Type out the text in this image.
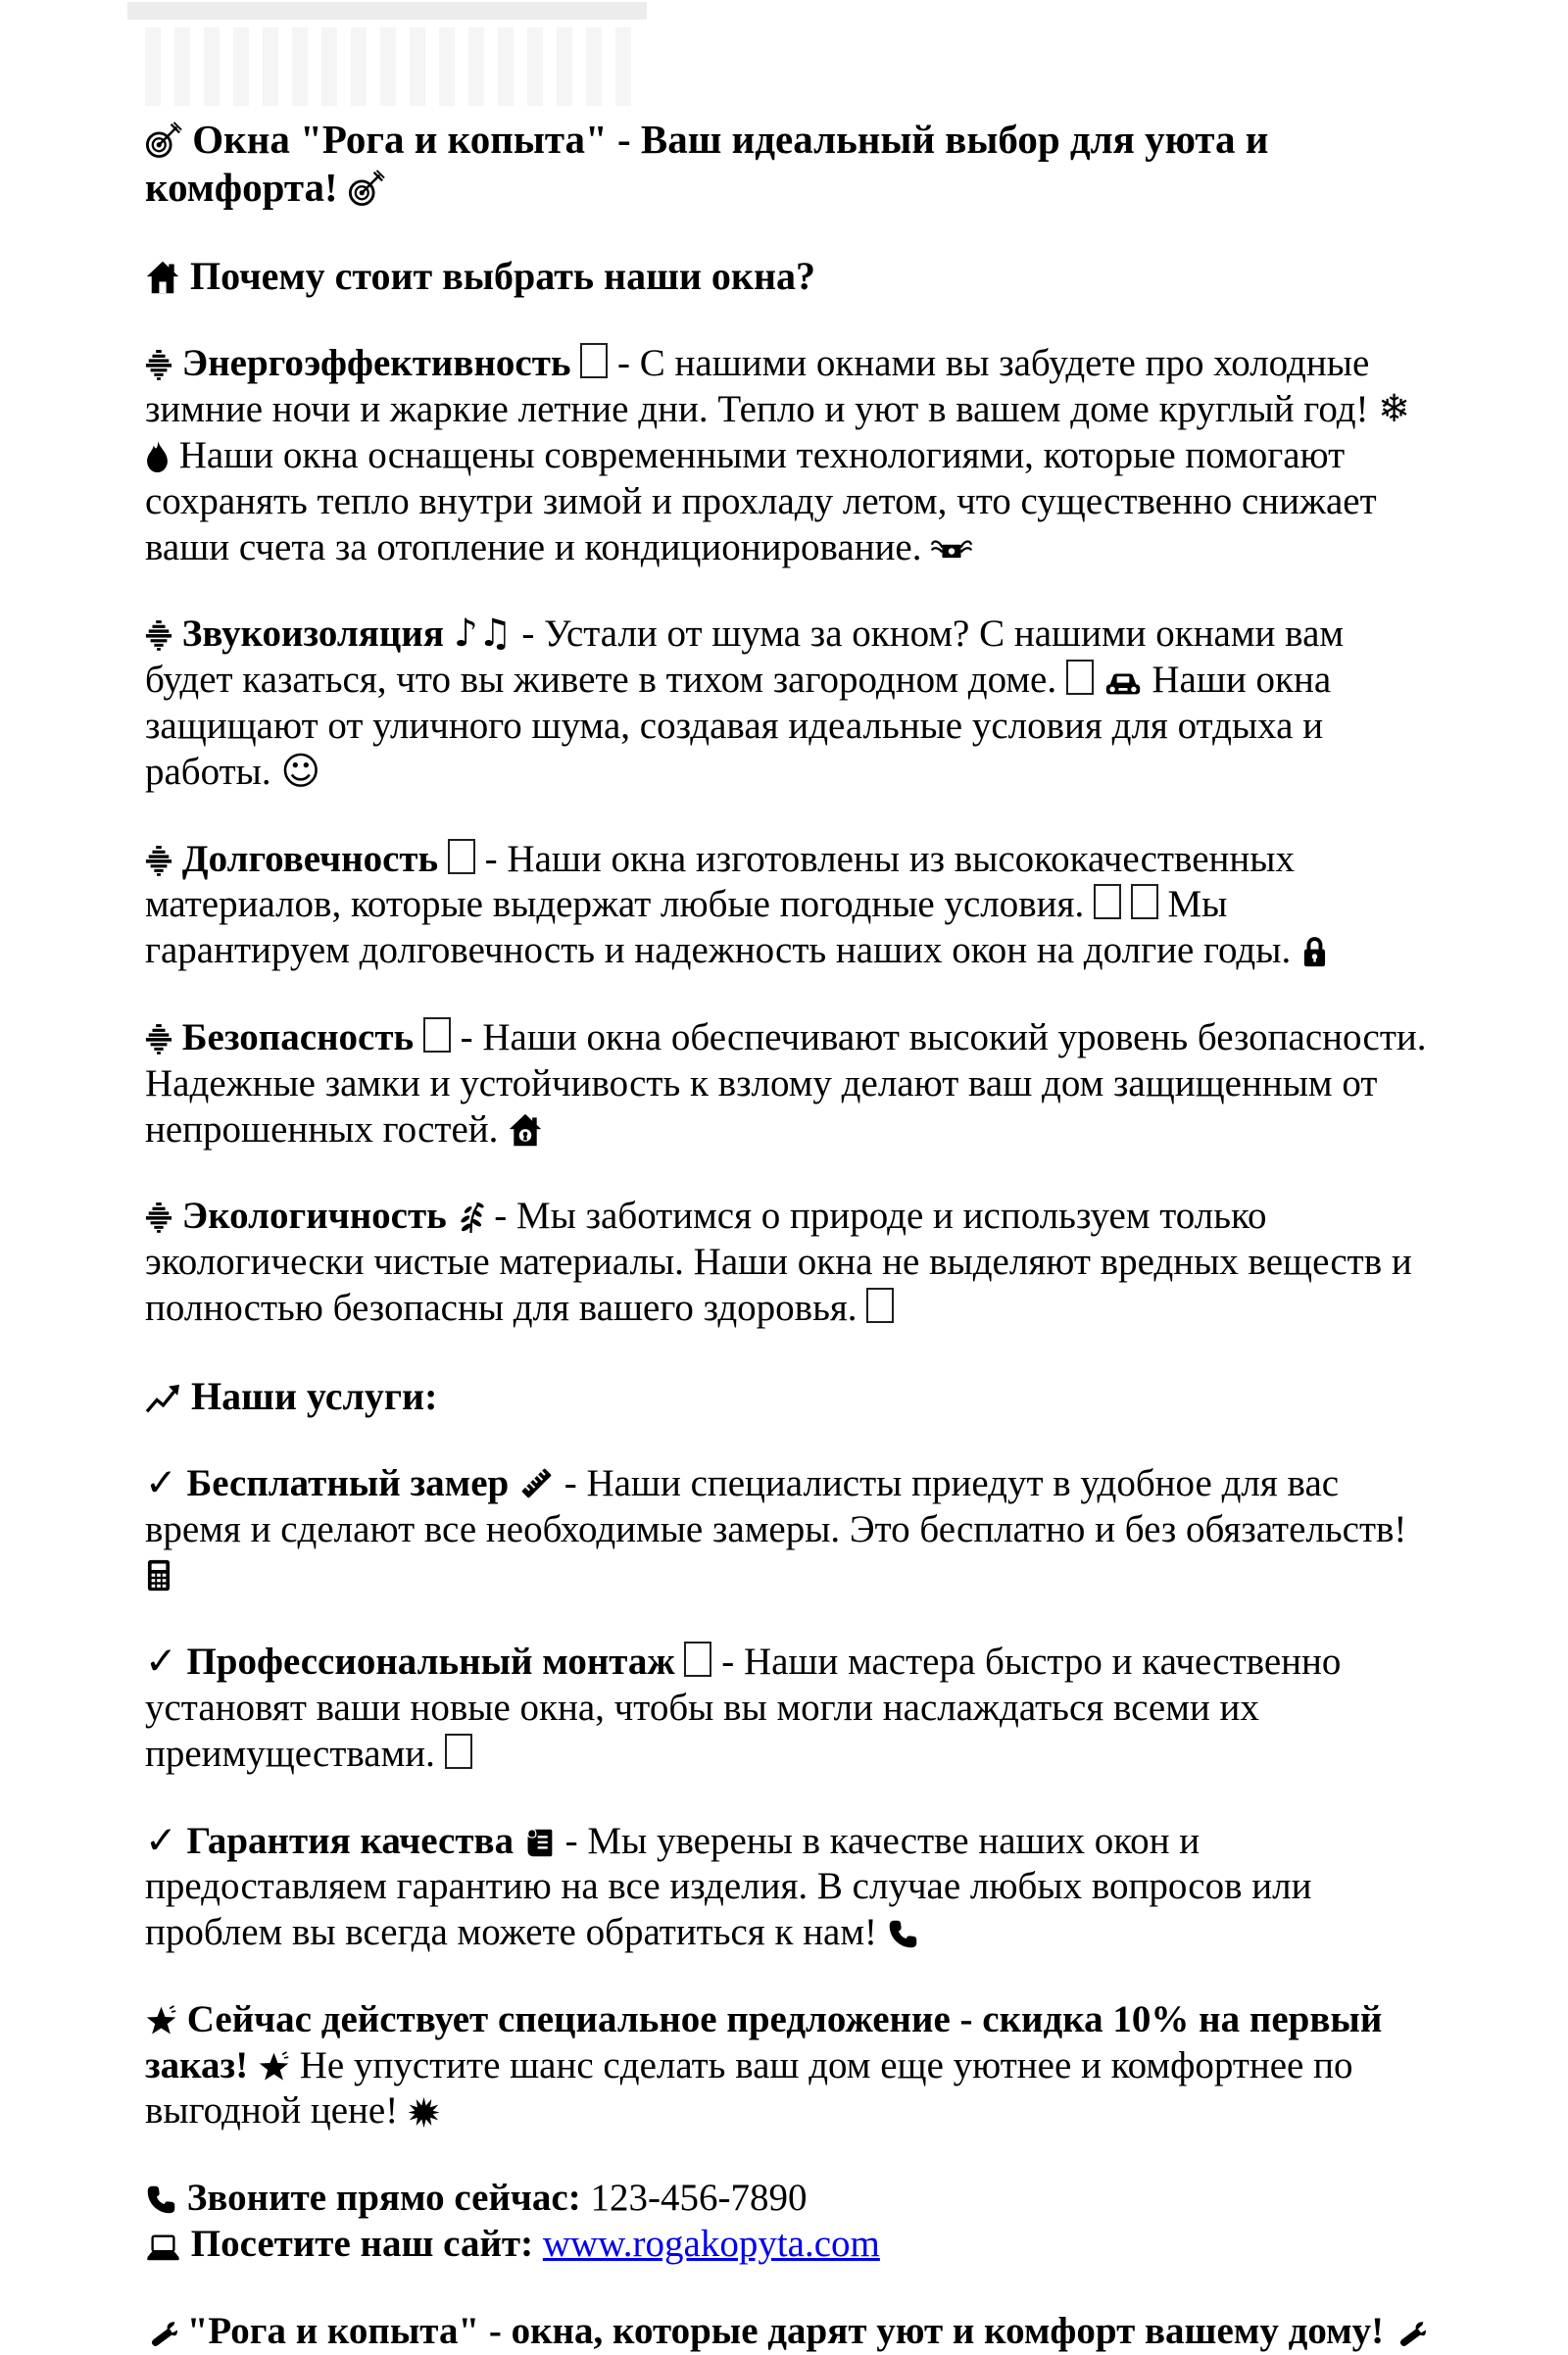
Окна "Рога и копыта" - Ваш идеальный выбор для уюта и комфорта!

Почему стоит выбрать наши окна?

Энергоэффективность - С нашими окнами вы забудете про холодные зимние ночи и жаркие летние дни. Тепло и уют в вашем доме круглый год! ❄  Наши окна оснащены современными технологиями, которые помогают сохранять тепло внутри зимой и прохладу летом, что существенно снижает ваши счета за отопление и кондиционирование.

Звукоизоляция ♪♫ - Устали от шума за окном? С нашими окнами вам будет казаться, что вы живете в тихом загородном доме. Наши окна защищают от уличного шума, создавая идеальные условия для отдыха и работы. ☺

Долговечность - Наши окна изготовлены из высококачественных материалов, которые выдержат любые погодные условия. Мы гарантируем долговечность и надежность наших окон на долгие годы.

Безопасность - Наши окна обеспечивают высокий уровень безопасности. Надежные замки и устойчивость к взлому делают ваш дом защищенным от непрошенных гостей.

Экологичность - Мы заботимся о природе и используем только экологически чистые материалы. Наши окна не выделяют вредных веществ и полностью безопасны для вашего здоровья.

Наши услуги:

✓ Бесплатный замер - Наши специалисты приедут в удобное для вас время и сделают все необходимые замеры. Это бесплатно и без обязательств!

✓ Профессиональный монтаж - Наши мастера быстро и качественно установят ваши новые окна, чтобы вы могли наслаждаться всеми их преимуществами.

✓ Гарантия качества - Мы уверены в качестве наших окон и предоставляем гарантию на все изделия. В случае любых вопросов или проблем вы всегда можете обратиться к нам!

Сейчас действует специальное предложение - скидка 10% на первый заказ! Не упустите шанс сделать ваш дом еще уютнее и комфортнее по выгодной цене!

Звоните прямо сейчас: 123-456-7890
Посетите наш сайт: www.rogakopyta.com

"Рога и копыта" - окна, которые дарят уют и комфорт вашему дому!
